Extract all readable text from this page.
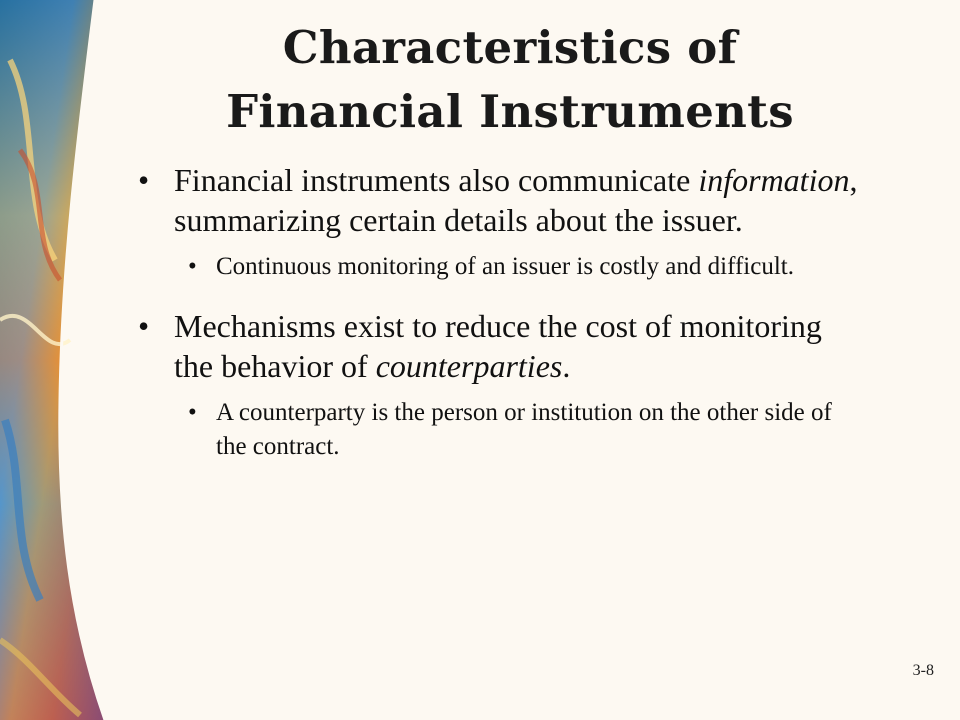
Characteristics of Financial Instruments
• Financial instruments also communicate information, summarizing certain details about the issuer.
• Continuous monitoring of an issuer is costly and difficult.
• Mechanisms exist to reduce the cost of monitoring the behavior of counterparties.
• A counterparty is the person or institution on the other side of the contract.
3-8
